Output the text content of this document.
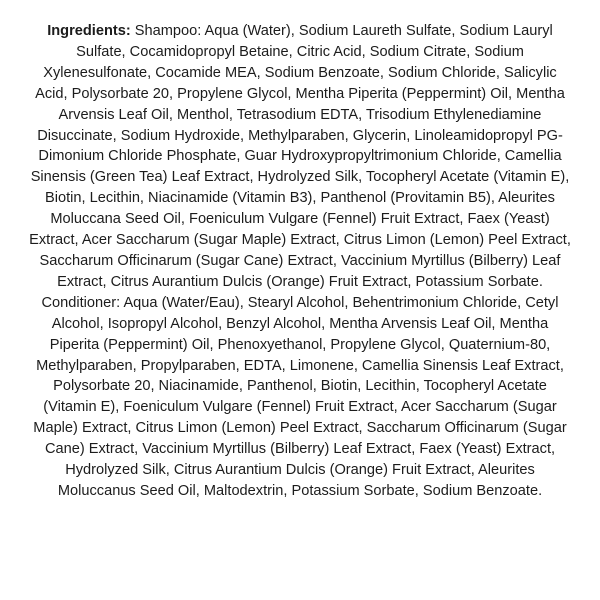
Ingredients: Shampoo: Aqua (Water), Sodium Laureth Sulfate, Sodium Lauryl Sulfate, Cocamidopropyl Betaine, Citric Acid, Sodium Citrate, Sodium Xylenesulfonate, Cocamide MEA, Sodium Benzoate, Sodium Chloride, Salicylic Acid, Polysorbate 20, Propylene Glycol, Mentha Piperita (Peppermint) Oil, Mentha Arvensis Leaf Oil, Menthol, Tetrasodium EDTA, Trisodium Ethylenediamine Disuccinate, Sodium Hydroxide, Methylparaben, Glycerin, Linoleamidopropyl PG-Dimonium Chloride Phosphate, Guar Hydroxypropyltrimonium Chloride, Camellia Sinensis (Green Tea) Leaf Extract, Hydrolyzed Silk, Tocopheryl Acetate (Vitamin E), Biotin, Lecithin, Niacinamide (Vitamin B3), Panthenol (Provitamin B5), Aleurites Moluccana Seed Oil, Foeniculum Vulgare (Fennel) Fruit Extract, Faex (Yeast) Extract, Acer Saccharum (Sugar Maple) Extract, Citrus Limon (Lemon) Peel Extract, Saccharum Officinarum (Sugar Cane) Extract, Vaccinium Myrtillus (Bilberry) Leaf Extract, Citrus Aurantium Dulcis (Orange) Fruit Extract, Potassium Sorbate.

Conditioner: Aqua (Water/Eau), Stearyl Alcohol, Behentrimonium Chloride, Cetyl Alcohol, Isopropyl Alcohol, Benzyl Alcohol, Mentha Arvensis Leaf Oil, Mentha Piperita (Peppermint) Oil, Phenoxyethanol, Propylene Glycol, Quaternium-80, Methylparaben, Propylparaben, EDTA, Limonene, Camellia Sinensis Leaf Extract, Polysorbate 20, Niacinamide, Panthenol, Biotin, Lecithin, Tocopheryl Acetate (Vitamin E), Foeniculum Vulgare (Fennel) Fruit Extract, Acer Saccharum (Sugar Maple) Extract, Citrus Limon (Lemon) Peel Extract, Saccharum Officinarum (Sugar Cane) Extract, Vaccinium Myrtillus (Bilberry) Leaf Extract, Faex (Yeast) Extract, Hydrolyzed Silk, Citrus Aurantium Dulcis (Orange) Fruit Extract, Aleurites Moluccanus Seed Oil, Maltodextrin, Potassium Sorbate, Sodium Benzoate.
